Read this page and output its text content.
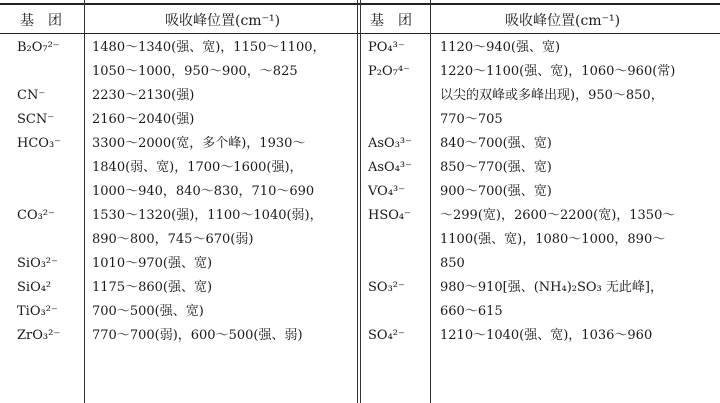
基　团	吸收峰位置(cm⁻¹)	基　团	吸收峰位置(cm⁻¹)
B₂O₇²⁻ 1480～1340(强、宽)，1150～1100，
1050～1000，950～900，～825
CN⁻	2230～2130(强)
SCN⁻	2160～2040(强)
HCO₃⁻ 3300～2000(宽，多个峰)，1930～
1840(弱、宽)，1700～1600(强)，
1000～940，840～830，710～690
CO₃²⁻	1530～1320(强)，1100～1040(弱)，
890～800，745～670(弱)
SiO₃²⁻	1010～970(强、宽)
SiO₄²	1175～860(强、宽)
TiO₃²⁻	700～500(强、宽)
ZrO₃²⁻ 770～700(弱)，600～500(强、弱)
PO₄³⁻	1120～940(强、宽)
P₂O₇⁴⁻ 1220～1100(强、宽)，1060～960(常)
以尖的双峰或多峰出现)，950～850，
770～705
AsO₃³⁻ 840～700(强、宽)
AsO₄³⁻ 850～770(强、宽)
VO₄³⁻	900～700(强、宽)
HSO₄⁻ ～299(宽)，2600～2200(宽)，1350～
1100(强、宽)，1080～1000，890～
850
SO₃²⁻	980～910[强、(NH₄)₂SO₃ 无此峰]，
660～615
SO₄²⁻	1210～1040(强、宽)，1036～960
